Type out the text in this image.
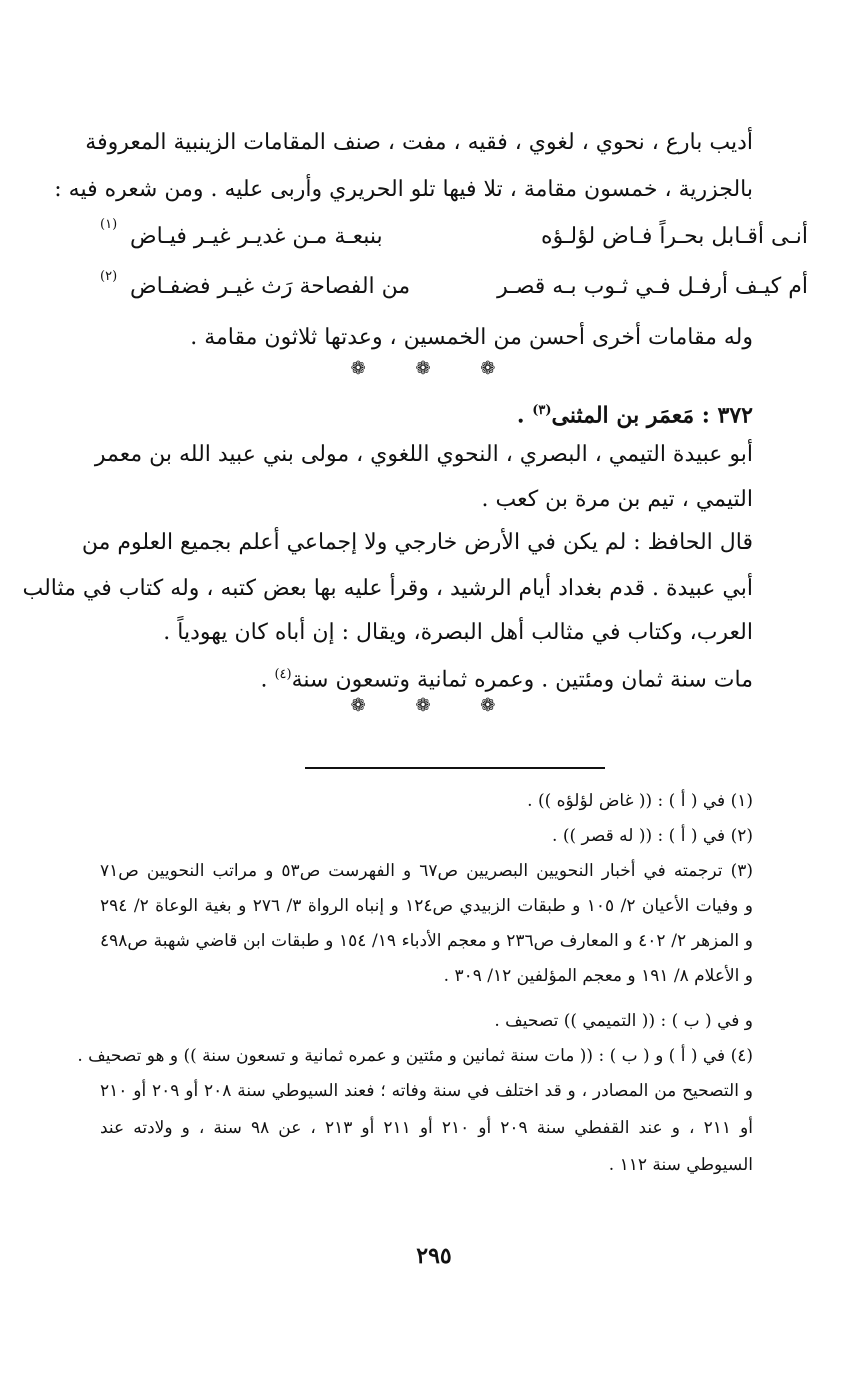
أديب بارع ، نحوي ، لغوي ، فقيه ، مفت ، صنف المقامات الزينبية المعروفة
بالجزرية ، خمسون مقامة ، تلا فيها تلو الحريري وأربى عليه . ومن شعره فيه :
أنـى أقـابل بحـراً فـاض لؤلـؤه
بنبعـة مـن غديـر غيـر فيـاض
(١)
أم كيـف أرفـل فـي ثـوب بـه قصـر
من الفصاحة رَث غيـر فضفـاض
(٢)
وله مقامات أخرى أحسن من الخمسين ، وعدتها ثلاثون مقامة .
❁ ❁ ❁
٣٧٢ : مَعمَر بن المثنى$^{(٣)}$ .
أبو عبيدة التيمي ، البصري ، النحوي اللغوي ، مولى بني عبيد الله بن معمر
التيمي ، تيم بن مرة بن كعب .
قال الحافظ : لم يكن في الأرض خارجي ولا إجماعي أعلم بجميع العلوم من
أبي عبيدة . قدم بغداد أيام الرشيد ، وقرأ عليه بها بعض كتبه ، وله كتاب في مثالب
العرب، وكتاب في مثالب أهل البصرة، ويقال : إن أباه كان يهودياً .
مات سنة ثمان ومئتين . وعمره ثمانية وتسعون سنة$^{(٤)}$ .
❁ ❁ ❁
(١) في ( أ ) : (( غاض لؤلؤه )) .
(٢) في ( أ ) : (( له قصر )) .
(٣) ترجمته في أخبار النحويين البصريين ص٦٧ و الفهرست ص٥٣ و مراتب النحويين ص٧١
و وفيات الأعيان ٢/ ١٠٥ و طبقات الزبيدي ص١٢٤ و إنباه الرواة ٣/ ٢٧٦ و بغية الوعاة ٢/ ٢٩٤
و المزهر ٢/ ٤٠٢ و المعارف ص٢٣٦ و معجم الأدباء ١٩/ ١٥٤ و طبقات ابن قاضي شهبة ص٤٩٨
و الأعلام ٨/ ١٩١ و معجم المؤلفين ١٢/ ٣٠٩ .
و في ( ب ) : (( التميمي )) تصحيف .
(٤) في ( أ ) و ( ب ) : (( مات سنة ثمانين و مئتين و عمره ثمانية و تسعون سنة )) و هو تصحيف .
و التصحيح من المصادر ، و قد اختلف في سنة وفاته ؛ فعند السيوطي سنة ٢٠٨ أو ٢٠٩ أو ٢١٠
أو ٢١١ ، و عند القفطي سنة ٢٠٩ أو ٢١٠ أو ٢١١ أو ٢١٣ ، عن ٩٨ سنة ، و ولادته عند
السيوطي سنة ١١٢ .
٢٩٥
